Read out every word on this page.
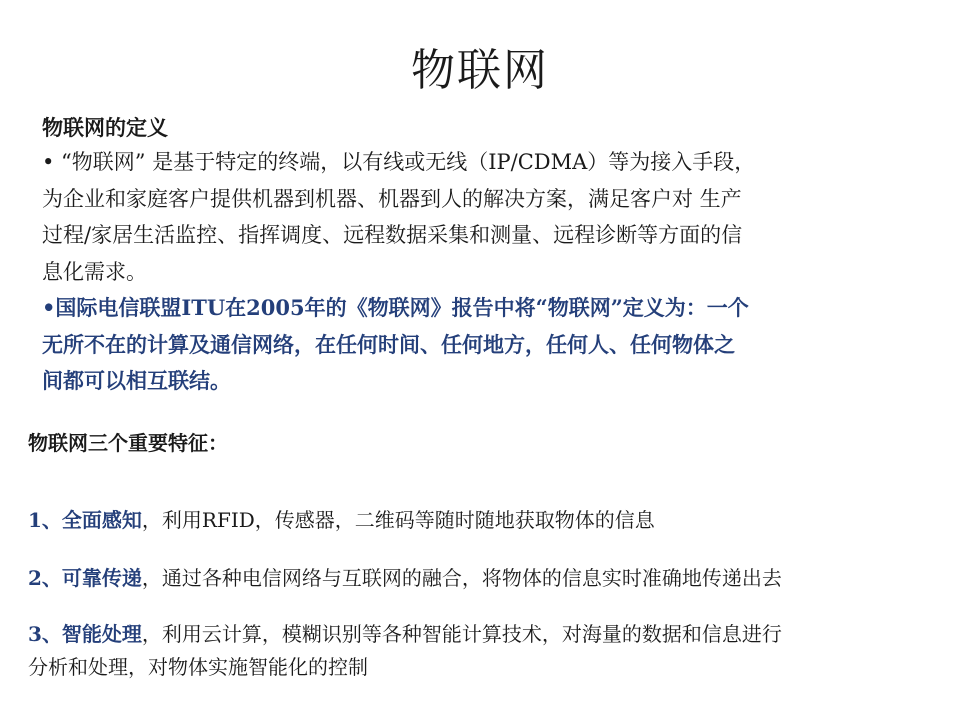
物联网
物联网的定义

• “物联网” 是基于特定的终端，以有线或无线（IP/CDMA）等为接入手段，
为企业和家庭客户提供机器到机器、机器到人的解决方案，满足客户对 生产
过程/家居生活监控、指挥调度、远程数据采集和测量、远程诊断等方面的信
息化需求。

•国际电信联盟ITU在2005年的《物联网》报告中将“物联网”定义为：一个
无所不在的计算及通信网络，在任何时间、任何地方，任何人、任何物体之
间都可以相互联结。

物联网三个重要特征：
1、全面感知，利用RFID，传感器，二维码等随时随地获取物体的信息
2、可靠传递，通过各种电信网络与互联网的融合，将物体的信息实时准确地传递出去
3、智能处理，利用云计算，模糊识别等各种智能计算技术，对海量的数据和信息进行
分析和处理，对物体实施智能化的控制
